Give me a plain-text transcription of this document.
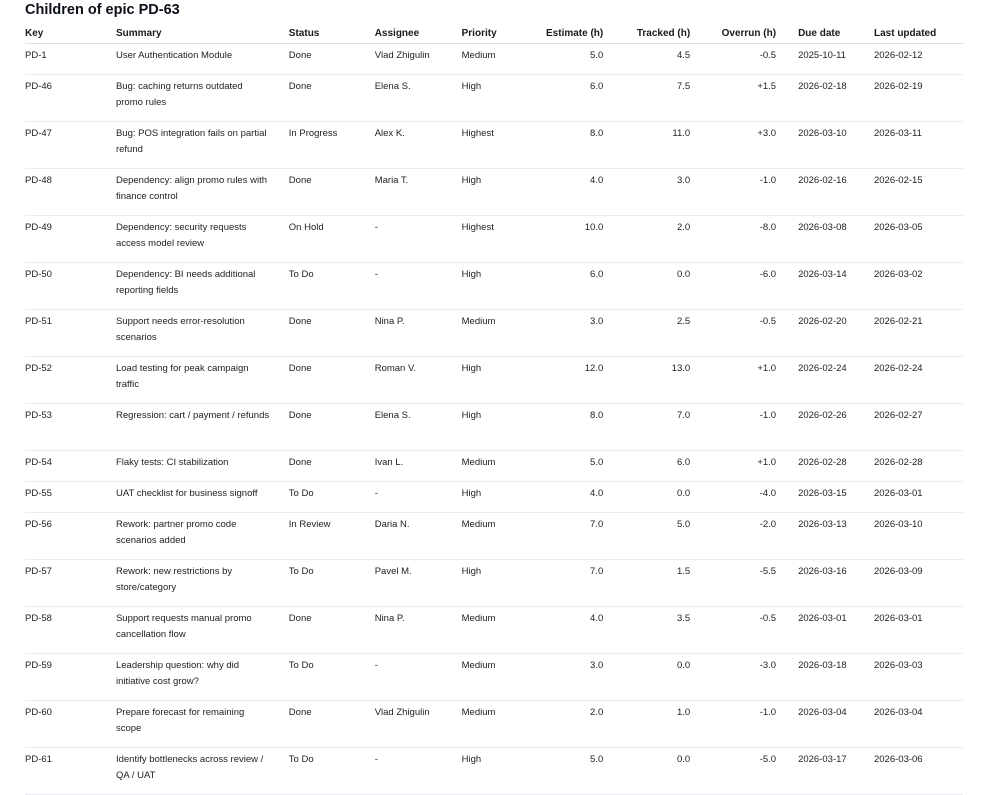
Children of epic PD-63
Key	Summary	Status	Assignee	Priority	Estimate (h)	Tracked (h)	Overrun (h)	Due date	Last updated
PD-1	User Authentication Module	Done	Vlad Zhigulin	Medium	5.0	4.5	-0.5	2025-10-11	2026-02-12
PD-46	Bug: caching returns outdated promo rules	Done	Elena S.	High	6.0	7.5	+1.5	2026-02-18	2026-02-19
PD-47	Bug: POS integration fails on partial refund	In Progress	Alex K.	Highest	8.0	11.0	+3.0	2026-03-10	2026-03-11
PD-48	Dependency: align promo rules with finance control	Done	Maria T.	High	4.0	3.0	-1.0	2026-02-16	2026-02-15
PD-49	Dependency: security requests access model review	On Hold	-	Highest	10.0	2.0	-8.0	2026-03-08	2026-03-05
PD-50	Dependency: BI needs additional reporting fields	To Do	-	High	6.0	0.0	-6.0	2026-03-14	2026-03-02
PD-51	Support needs error-resolution scenarios	Done	Nina P.	Medium	3.0	2.5	-0.5	2026-02-20	2026-02-21
PD-52	Load testing for peak campaign traffic	Done	Roman V.	High	12.0	13.0	+1.0	2026-02-24	2026-02-24
PD-53	Regression: cart / payment / refunds	Done	Elena S.	High	8.0	7.0	-1.0	2026-02-26	2026-02-27
PD-54	Flaky tests: CI stabilization	Done	Ivan L.	Medium	5.0	6.0	+1.0	2026-02-28	2026-02-28
PD-55	UAT checklist for business signoff	To Do	-	High	4.0	0.0	-4.0	2026-03-15	2026-03-01
PD-56	Rework: partner promo code scenarios added	In Review	Daria N.	Medium	7.0	5.0	-2.0	2026-03-13	2026-03-10
PD-57	Rework: new restrictions by store/category	To Do	Pavel M.	High	7.0	1.5	-5.5	2026-03-16	2026-03-09
PD-58	Support requests manual promo cancellation flow	Done	Nina P.	Medium	4.0	3.5	-0.5	2026-03-01	2026-03-01
PD-59	Leadership question: why did initiative cost grow?	To Do	-	Medium	3.0	0.0	-3.0	2026-03-18	2026-03-03
PD-60	Prepare forecast for remaining scope	Done	Vlad Zhigulin	Medium	2.0	1.0	-1.0	2026-03-04	2026-03-04
PD-61	Identify bottlenecks across review / QA / UAT	To Do	-	High	5.0	0.0	-5.0	2026-03-17	2026-03-06
